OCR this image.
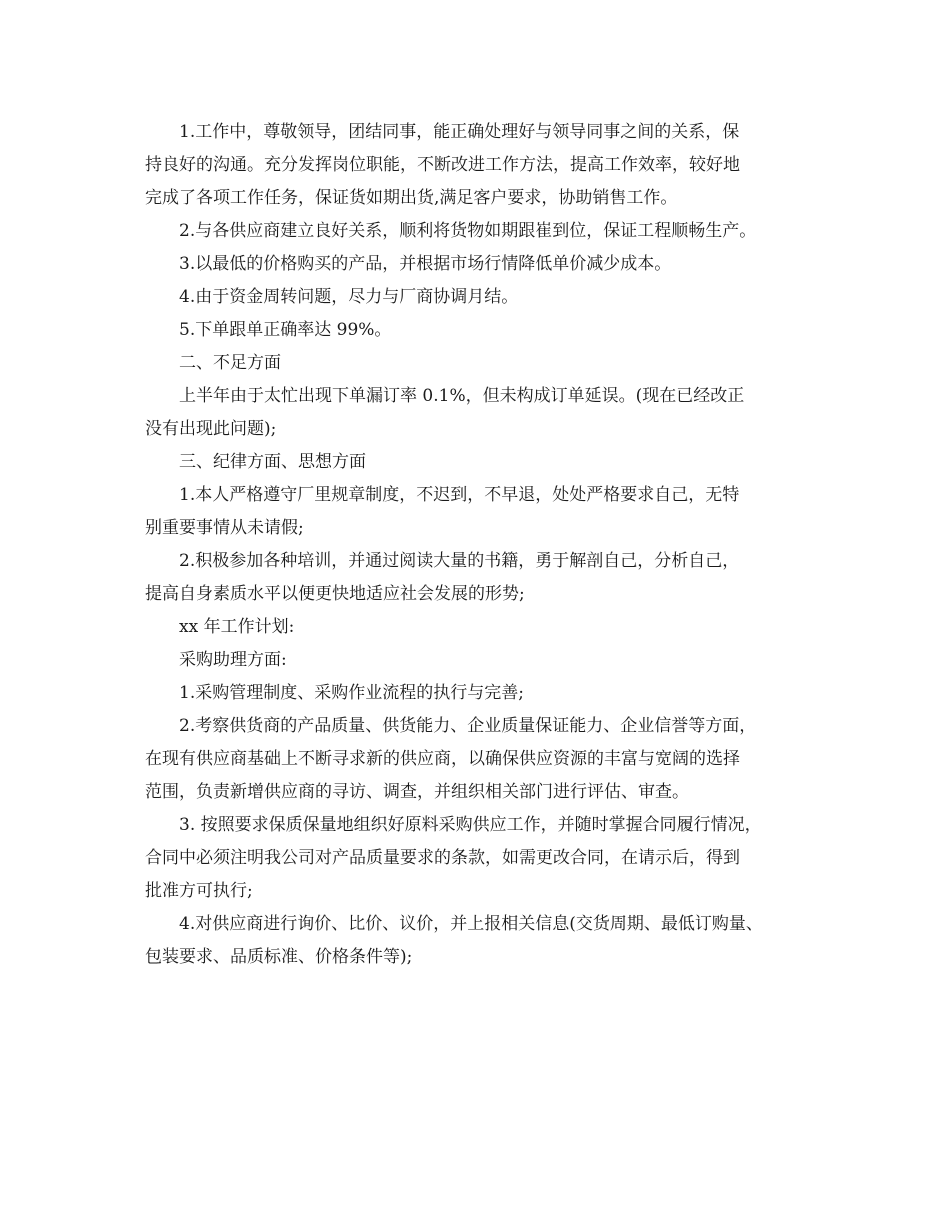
1.工作中，尊敬领导，团结同事，能正确处理好与领导同事之间的关系，保
持良好的沟通。充分发挥岗位职能，不断改进工作方法，提高工作效率，较好地
完成了各项工作任务，保证货如期出货,满足客户要求，协助销售工作。
2.与各供应商建立良好关系，顺利将货物如期跟崔到位，保证工程顺畅生产。
3.以最低的价格购买的产品，并根据市场行情降低单价减少成本。
4.由于资金周转问题，尽力与厂商协调月结。
5.下单跟单正确率达 99%。
二、不足方面
上半年由于太忙出现下单漏订率 0.1%，但未构成订单延误。(现在已经改正
没有出现此问题);
三、纪律方面、思想方面
1.本人严格遵守厂里规章制度，不迟到，不早退，处处严格要求自己，无特
别重要事情从未请假;
2.积极参加各种培训，并通过阅读大量的书籍，勇于解剖自己，分析自己，
提高自身素质水平以便更快地适应社会发展的形势;
xx 年工作计划:
采购助理方面:
1.采购管理制度、采购作业流程的执行与完善;
2.考察供货商的产品质量、供货能力、企业质量保证能力、企业信誉等方面，
在现有供应商基础上不断寻求新的供应商，以确保供应资源的丰富与宽阔的选择
范围，负责新增供应商的寻访、调查，并组织相关部门进行评估、审查。
3. 按照要求保质保量地组织好原料采购供应工作，并随时掌握合同履行情况，
合同中必须注明我公司对产品质量要求的条款，如需更改合同，在请示后，得到
批准方可执行;
4.对供应商进行询价、比价、议价，并上报相关信息(交货周期、最低订购量、
包装要求、品质标准、价格条件等);
